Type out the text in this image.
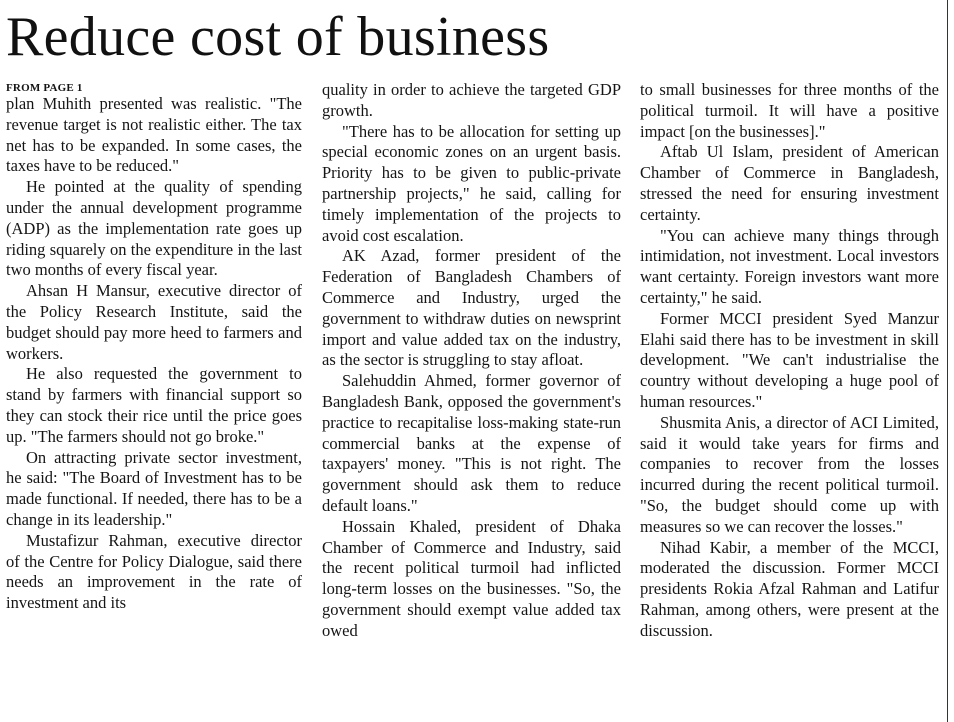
Reduce cost of business
FROM PAGE 1

plan Muhith presented was realistic. "The revenue target is not realistic either. The tax net has to be expanded. In some cases, the taxes have to be reduced."

He pointed at the quality of spending under the annual development programme (ADP) as the implementation rate goes up riding squarely on the expenditure in the last two months of every fiscal year.

Ahsan H Mansur, executive director of the Policy Research Institute, said the budget should pay more heed to farmers and workers.

He also requested the government to stand by farmers with financial support so they can stock their rice until the price goes up. "The farmers should not go broke."

On attracting private sector investment, he said: "The Board of Investment has to be made functional. If needed, there has to be a change in its leadership."

Mustafizur Rahman, executive director of the Centre for Policy Dialogue, said there needs an improvement in the rate of investment and its

quality in order to achieve the targeted GDP growth.

"There has to be allocation for setting up special economic zones on an urgent basis. Priority has to be given to public-private partnership projects," he said, calling for timely implementation of the projects to avoid cost escalation.

AK Azad, former president of the Federation of Bangladesh Chambers of Commerce and Industry, urged the government to withdraw duties on newsprint import and value added tax on the industry, as the sector is struggling to stay afloat.

Salehuddin Ahmed, former governor of Bangladesh Bank, opposed the government's practice to recapitalise loss-making state-run commercial banks at the expense of taxpayers' money. "This is not right. The government should ask them to reduce default loans."

Hossain Khaled, president of Dhaka Chamber of Commerce and Industry, said the recent political turmoil had inflicted long-term losses on the businesses. "So, the government should exempt value added tax owed

to small businesses for three months of the political turmoil. It will have a positive impact [on the businesses]."

Aftab Ul Islam, president of American Chamber of Commerce in Bangladesh, stressed the need for ensuring investment certainty.

"You can achieve many things through intimidation, not investment. Local investors want certainty. Foreign investors want more certainty," he said.

Former MCCI president Syed Manzur Elahi said there has to be investment in skill development. "We can't industrialise the country without developing a huge pool of human resources."

Shusmita Anis, a director of ACI Limited, said it would take years for firms and companies to recover from the losses incurred during the recent political turmoil. "So, the budget should come up with measures so we can recover the losses."

Nihad Kabir, a member of the MCCI, moderated the discussion. Former MCCI presidents Rokia Afzal Rahman and Latifur Rahman, among others, were present at the discussion.
